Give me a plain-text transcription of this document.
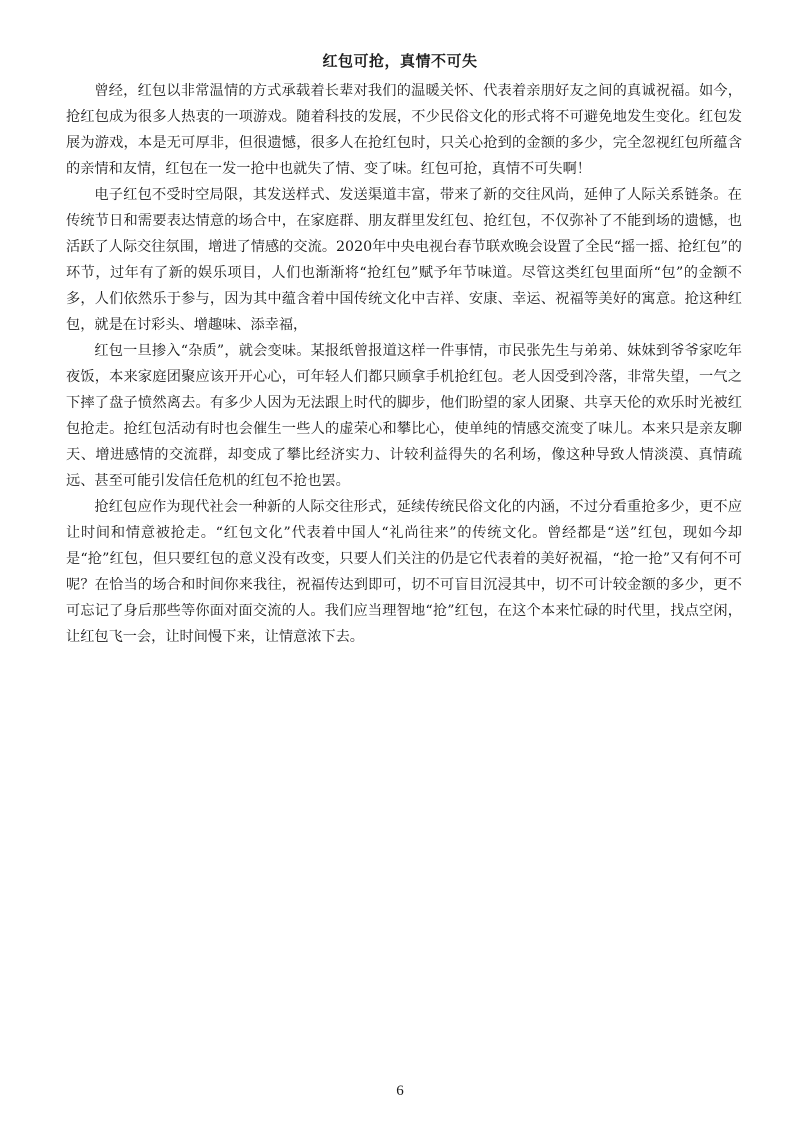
红包可抢，真情不可失

曾经，红包以非常温情的方式承载着长辈对我们的温暖关怀、代表着亲朋好友之间的真诚祝福。如今，抢红包成为很多人热衷的一项游戏。随着科技的发展，不少民俗文化的形式将不可避免地发生变化。红包发展为游戏，本是无可厚非，但很遗憾，很多人在抢红包时，只关心抢到的金额的多少，完全忽视红包所蕴含的亲情和友情，红包在一发一抢中也就失了情、变了味。红包可抢，真情不可失啊！

电子红包不受时空局限，其发送样式、发送渠道丰富，带来了新的交往风尚，延伸了人际关系链条。在传统节日和需要表达情意的场合中，在家庭群、朋友群里发红包、抢红包，不仅弥补了不能到场的遗憾，也活跃了人际交往氛围，增进了情感的交流。2020年中央电视台春节联欢晚会设置了全民“摇一摇、抢红包”的环节，过年有了新的娱乐项目，人们也渐渐将“抢红包”赋予年节味道。尽管这类红包里面所“包”的金额不多，人们依然乐于参与，因为其中蕴含着中国传统文化中吉祥、安康、幸运、祝福等美好的寓意。抢这种红包，就是在讨彩头、增趣味、添幸福，

红包一旦掺入“杂质”，就会变味。某报纸曾报道这样一件事情，市民张先生与弟弟、妹妹到爷爷家吃年夜饭，本来家庭团聚应该开开心心，可年轻人们都只顾拿手机抢红包。老人因受到冷落，非常失望，一气之下摔了盘子愤然离去。有多少人因为无法跟上时代的脚步，他们盼望的家人团聚、共享天伦的欢乐时光被红包抢走。抢红包活动有时也会催生一些人的虚荣心和攀比心，使单纯的情感交流变了味儿。本来只是亲友聊天、增进感情的交流群，却变成了攀比经济实力、计较利益得失的名利场，像这种导致人情淡漠、真情疏远、甚至可能引发信任危机的红包不抢也罢。

抢红包应作为现代社会一种新的人际交往形式，延续传统民俗文化的内涵，不过分看重抢多少，更不应让时间和情意被抢走。“红包文化”代表着中国人“礼尚往来”的传统文化。曾经都是“送”红包，现如今却是“抢”红包，但只要红包的意义没有改变，只要人们关注的仍是它代表着的美好祝福，“抢一抢”又有何不可呢？在恰当的场合和时间你来我往，祝福传达到即可，切不可盲目沉浸其中，切不可计较金额的多少，更不可忘记了身后那些等你面对面交流的人。我们应当理智地“抢”红包，在这个本来忙碌的时代里，找点空闲，让红包飞一会，让时间慢下来，让情意浓下去。

6
